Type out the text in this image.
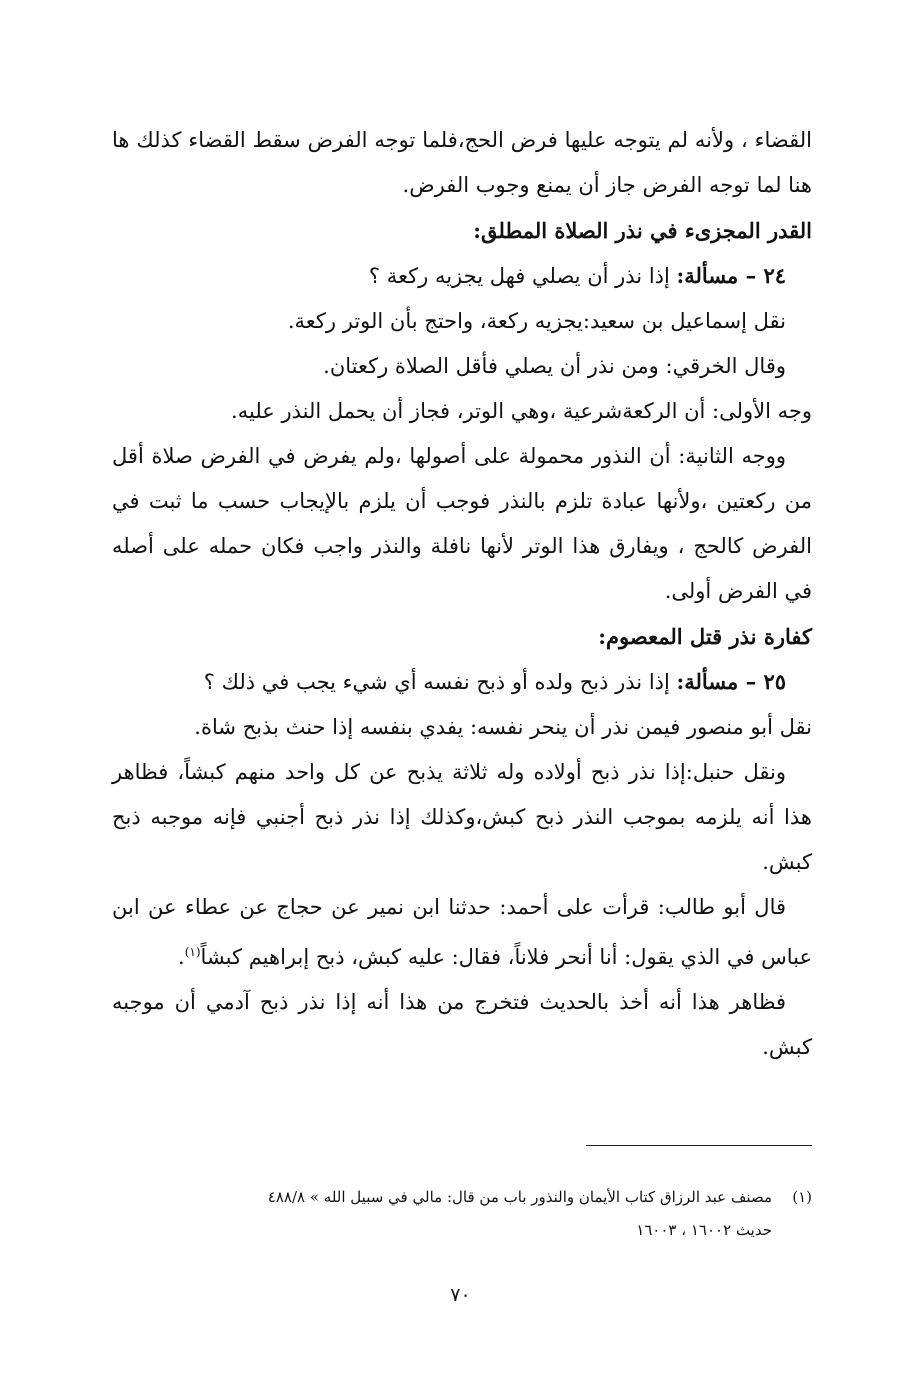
القضاء ، ولأنه لم يتوجه عليها فرض الحج،فلما توجه الفرض سقط القضاء كذلك ها هنا لما توجه الفرض جاز أن يمنع وجوب الفرض.

القدر المجزىء في نذر الصلاة المطلق:

٢٤ – مسألة: إذا نذر أن يصلي فهل يجزيه ركعة ؟

نقل إسماعيل بن سعيد:يجزيه ركعة، واحتج بأن الوتر ركعة.

وقال الخرقي: ومن نذر أن يصلي فأقل الصلاة ركعتان.

وجه الأولى: أن الركعةشرعية ،وهي الوتر، فجاز أن يحمل النذر عليه.

ووجه الثانية: أن النذور محمولة على أصولها ،ولم يفرض في الفرض صلاة أقل من ركعتين ،ولأنها عبادة تلزم بالنذر فوجب أن يلزم بالإيجاب حسب ما ثبت في الفرض كالحج ، ويفارق هذا الوتر لأنها نافلة والنذر واجب فكان حمله على أصله في الفرض أولى.

كفارة نذر قتل المعصوم:

٢٥ – مسألة: إذا نذر ذبح ولده أو ذبح نفسه أي شيء يجب في ذلك ؟

نقل أبو منصور فيمن نذر أن ينحر نفسه: يفدي بنفسه إذا حنث بذبح شاة.

ونقل حنبل:إذا نذر ذبح أولاده وله ثلاثة يذبح عن كل واحد منهم كبشاً، فظاهر هذا أنه يلزمه بموجب النذر ذبح كبش،وكذلك إذا نذر ذبح أجنبي فإنه موجبه ذبح كبش.

قال أبو طالب: قرأت على أحمد: حدثنا ابن نمير عن حجاج عن عطاء عن ابن عباس في الذي يقول: أنا أنحر فلاناً، فقال: عليه كبش، ذبح إبراهيم كبشاً$^{(١)}$.

فظاهر هذا أنه أخذ بالحديث فتخرج من هذا أنه إذا نذر ذبح آدمي أن موجبه كبش.

(١)مصنف عبد الرزاق كتاب الأيمان والنذور باب من قال: مالي في سبيل الله » ٤٨٨/٨
حديث ١٦٠٠٢ ، ١٦٠٠٣
٧٠
